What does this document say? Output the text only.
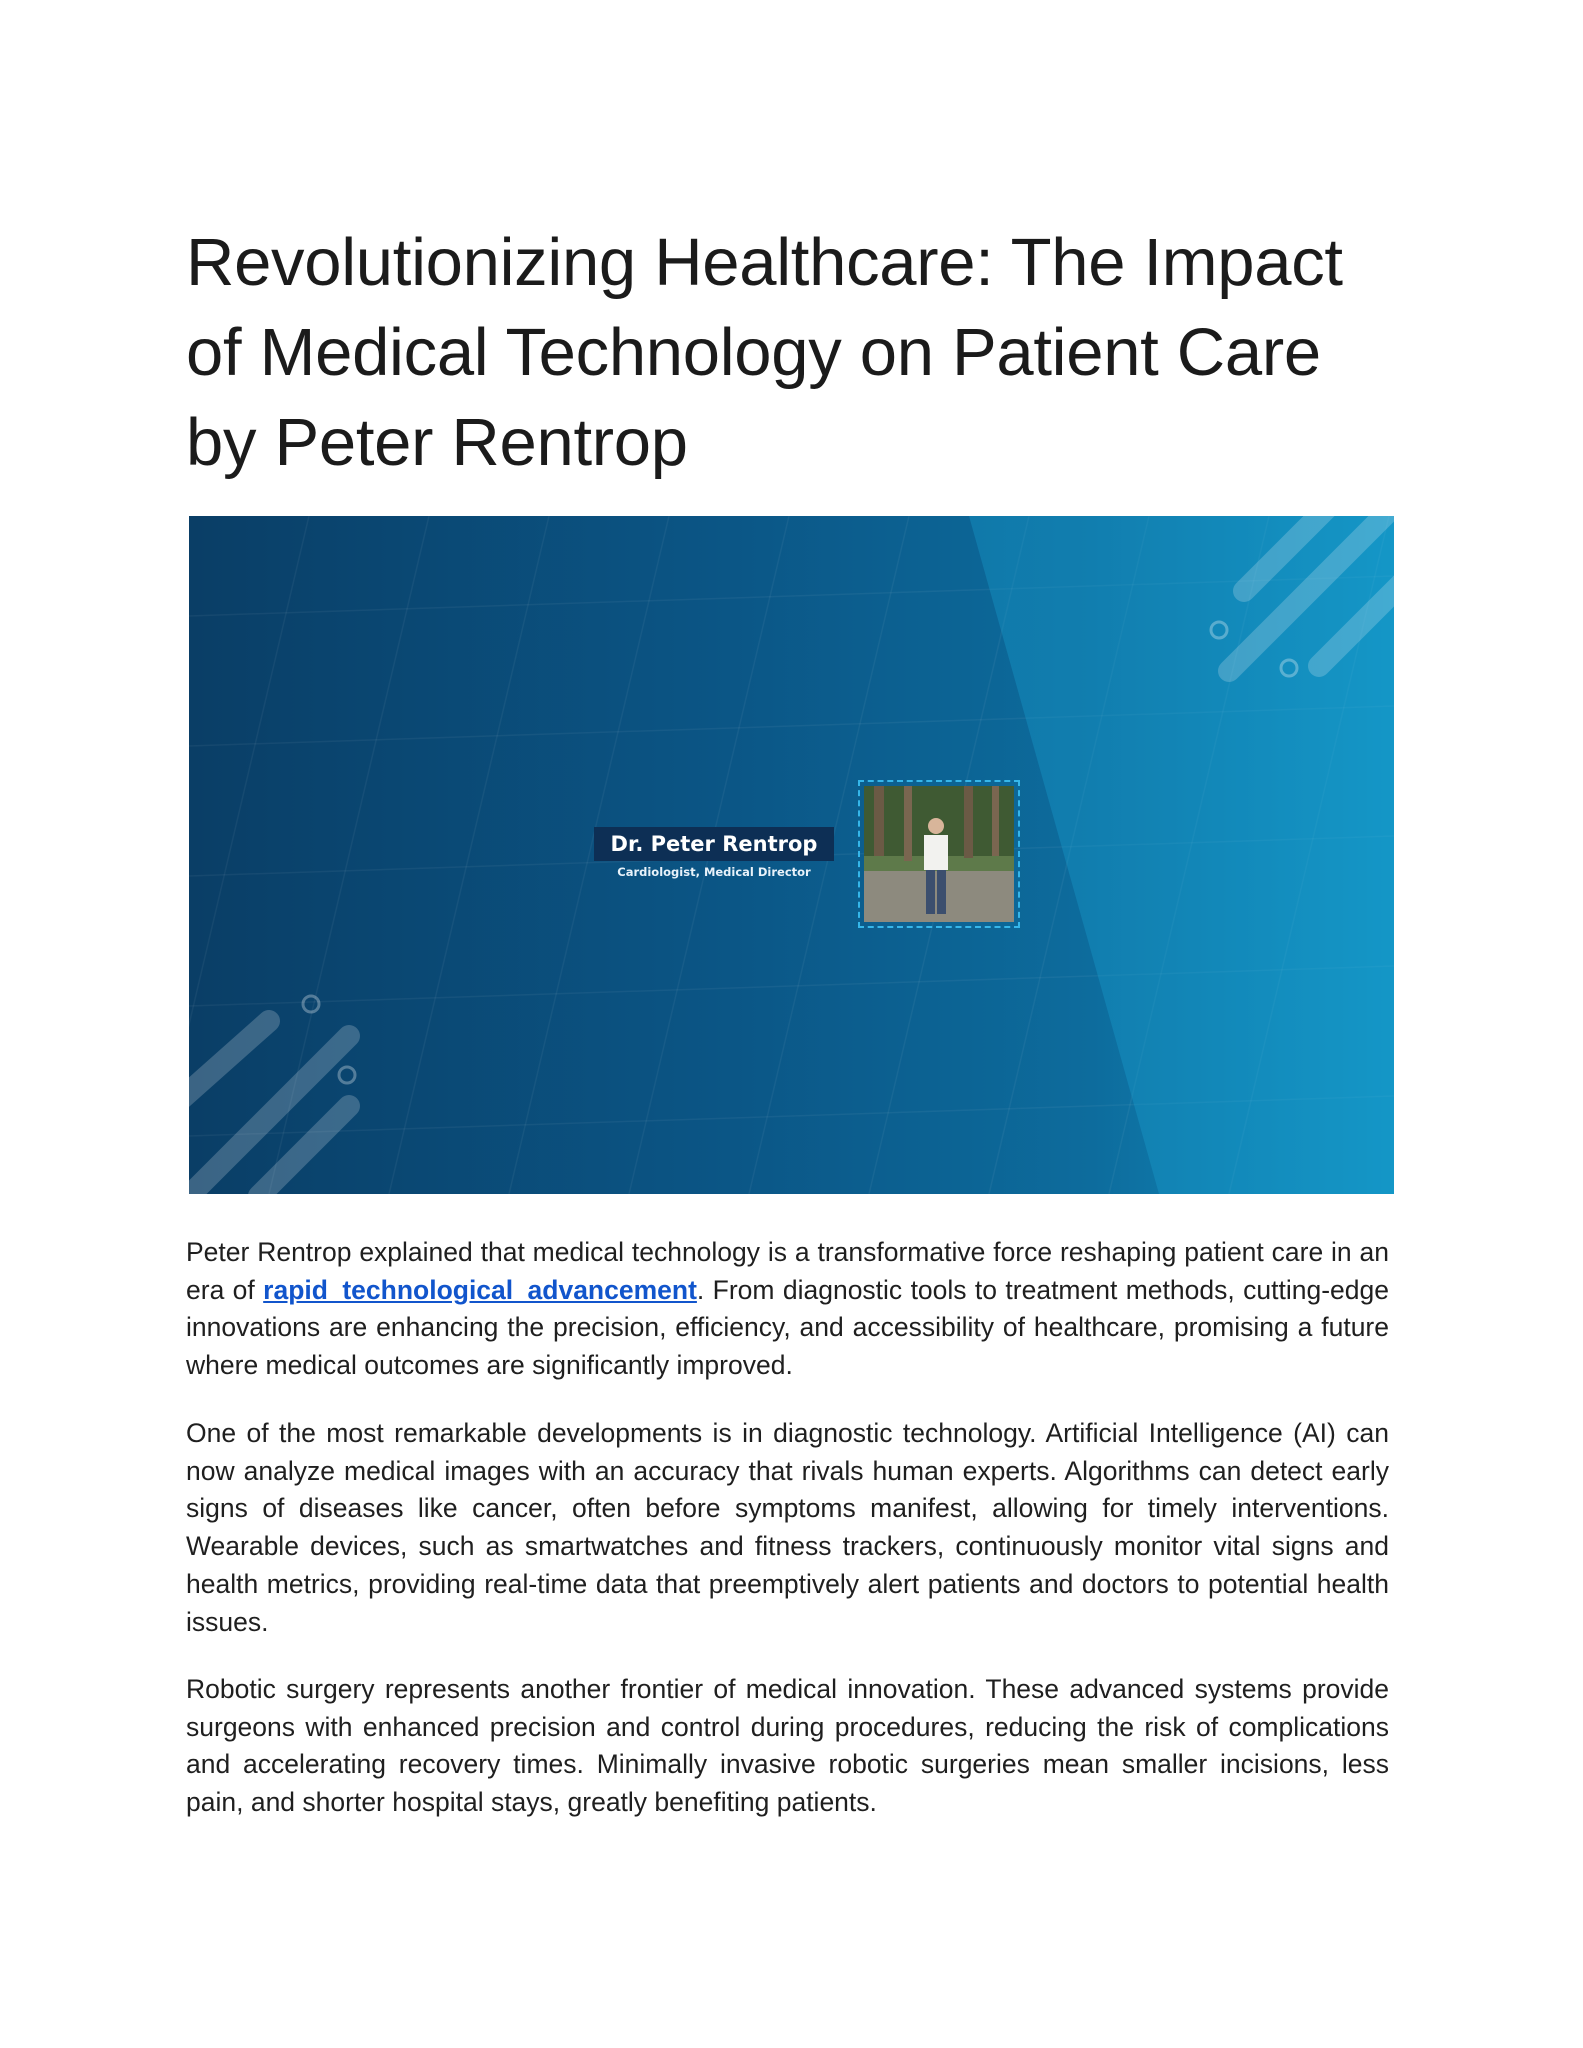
Revolutionizing Healthcare: The Impact
of Medical Technology on Patient Care
by Peter Rentrop
Dr. Peter Rentrop
Cardiologist, Medical Director

Peter Rentrop explained that medical technology is a transformative force reshaping patient care in an era of rapid technological advancement. From diagnostic tools to treatment methods, cutting-edge innovations are enhancing the precision, efficiency, and accessibility of healthcare, promising a future where medical outcomes are significantly improved.

One of the most remarkable developments is in diagnostic technology. Artificial Intelligence (AI) can now analyze medical images with an accuracy that rivals human experts. Algorithms can detect early signs of diseases like cancer, often before symptoms manifest, allowing for timely interventions. Wearable devices, such as smartwatches and fitness trackers, continuously monitor vital signs and health metrics, providing real-time data that preemptively alert patients and doctors to potential health issues.

Robotic surgery represents another frontier of medical innovation. These advanced systems provide surgeons with enhanced precision and control during procedures, reducing the risk of complications and accelerating recovery times. Minimally invasive robotic surgeries mean smaller incisions, less pain, and shorter hospital stays, greatly benefiting patients.
